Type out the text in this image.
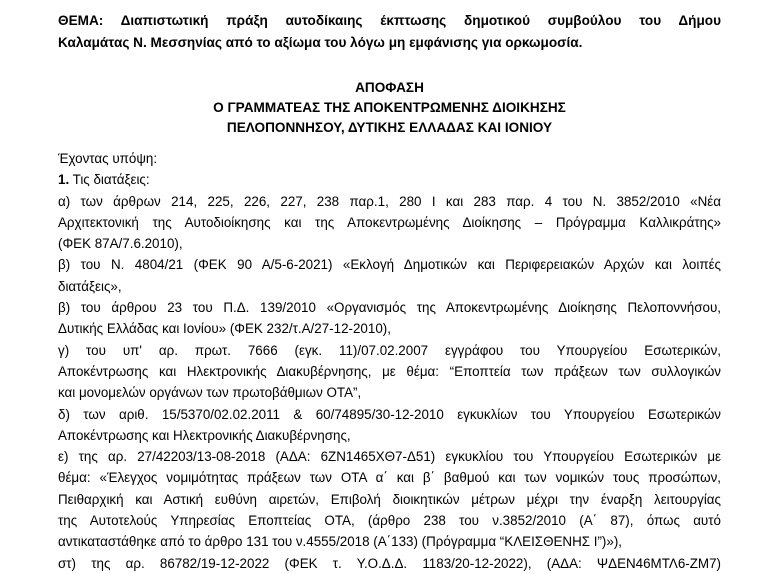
ΘΕΜΑ: Διαπιστωτική πράξη αυτοδίκαιης έκπτωσης δημοτικού συμβούλου του Δήμου
Καλαμάτας Ν. Μεσσηνίας από το αξίωμα του λόγω μη εμφάνισης για ορκωμοσία.
ΑΠΟΦΑΣΗ
Ο ΓΡΑΜΜΑΤΕΑΣ ΤΗΣ ΑΠΟΚΕΝΤΡΩΜΕΝΗΣ ΔΙΟΙΚΗΣΗΣ
ΠΕΛΟΠΟΝΝΗΣΟΥ, ΔΥΤΙΚΗΣ ΕΛΛΑΔΑΣ ΚΑΙ ΙΟΝΙΟΥ
Έχοντας υπόψη:
1. Τις διατάξεις:
α) των άρθρων 214, 225, 226, 227, 238 παρ.1, 280 Ι και 283 παρ. 4 του Ν. 3852/2010 «Νέα
Αρχιτεκτονική της Αυτοδιοίκησης και της Αποκεντρωμένης Διοίκησης – Πρόγραμμα Καλλικράτης»
(ΦΕΚ 87Α/7.6.2010),
β) του Ν. 4804/21 (ΦΕΚ 90 Α/5-6-2021) «Εκλογή Δημοτικών και Περιφερειακών Αρχών και λοιπές
διατάξεις»,
β) του άρθρου 23 του Π.Δ. 139/2010 «Οργανισμός της Αποκεντρωμένης Διοίκησης Πελοποννήσου,
Δυτικής Ελλάδας και Ιονίου» (ΦΕΚ 232/τ.Α/27-12-2010),
γ) του υπ' αρ. πρωτ. 7666 (εγκ. 11)/07.02.2007 εγγράφου του Υπουργείου Εσωτερικών,
Αποκέντρωσης και Ηλεκτρονικής Διακυβέρνησης, με θέμα: “Εποπτεία των πράξεων των συλλογικών
και μονομελών οργάνων των πρωτοβάθμιων ΟΤΑ”,
δ) των αριθ. 15/5370/02.02.2011 & 60/74895/30-12-2010 εγκυκλίων του Υπουργείου Εσωτερικών
Αποκέντρωσης και Ηλεκτρονικής Διακυβέρνησης,
ε) της αρ. 27/42203/13-08-2018 (ΑΔΑ: 6ΖΝ1465ΧΘ7-Δ51) εγκυκλίου του Υπουργείου Εσωτερικών με
θέμα: «Έλεγχος νομιμότητας πράξεων των ΟΤΑ α΄ και β΄ βαθμού και των νομικών τους προσώπων,
Πειθαρχική και Αστική ευθύνη αιρετών, Επιβολή διοικητικών μέτρων μέχρι την έναρξη λειτουργίας
της Αυτοτελούς Υπηρεσίας Εποπτείας ΟΤΑ, (άρθρο 238 του ν.3852/2010 (Α΄ 87), όπως αυτό
αντικαταστάθηκε από το άρθρο 131 του ν.4555/2018 (Α΄133) (Πρόγραμμα “ΚΛΕΙΣΘΕΝΗΣ Ι”)»),
στ) της αρ. 86782/19-12-2022 (ΦΕΚ τ. Υ.Ο.Δ.Δ. 1183/20-12-2022), (ΑΔΑ: ΨΔΕΝ46ΜΤΛ6-ΖΜ7)
